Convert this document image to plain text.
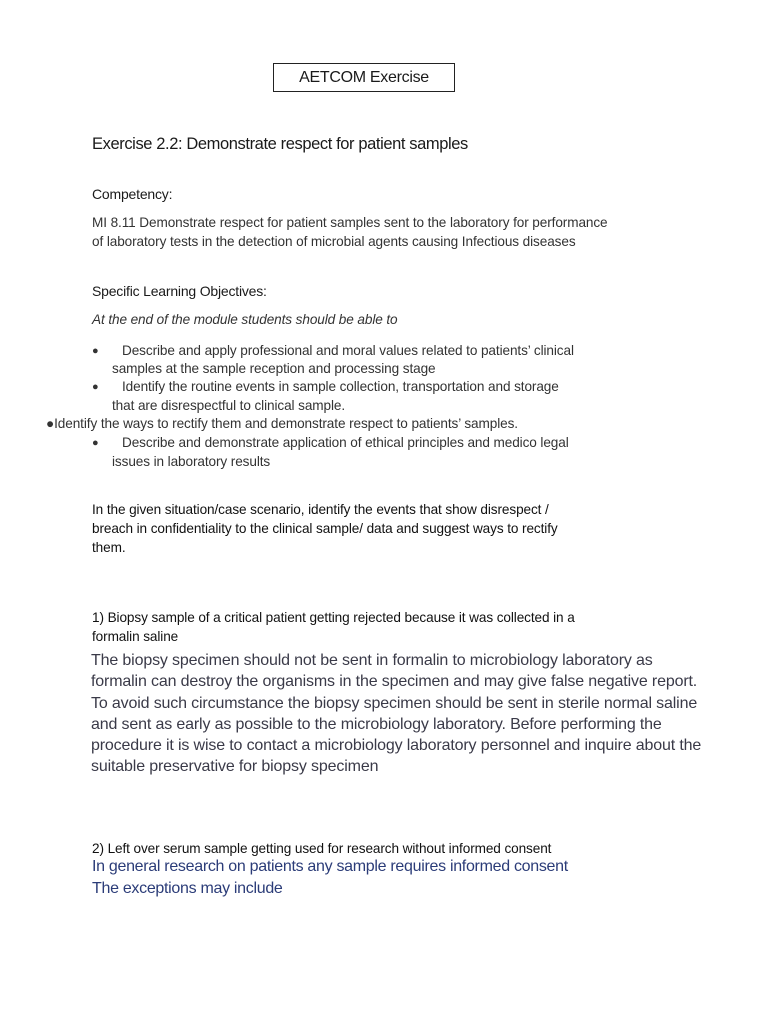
AETCOM Exercise
Exercise 2.2: Demonstrate respect for patient samples
Competency:
MI 8.11 Demonstrate respect for patient samples sent to the laboratory for performance
of laboratory tests in the detection of microbial agents causing Infectious diseases
Specific Learning Objectives:
At the end of the module students should be able to
● Describe and apply professional and moral values related to patients’ clinical
samples at the sample reception and processing stage
● Identify the routine events in sample collection, transportation and storage
that are disrespectful to clinical sample.
●Identify the ways to rectify them and demonstrate respect to patients’ samples.
● Describe and demonstrate application of ethical principles and medico legal
issues in laboratory results
In the given situation/case scenario, identify the events that show disrespect /
breach in confidentiality to the clinical sample/ data and suggest ways to rectify
them.
1) Biopsy sample of a critical patient getting rejected because it was collected in a
formalin saline
The biopsy specimen should not be sent in formalin to microbiology laboratory as
formalin can destroy the organisms in the specimen and may give false negative report.
To avoid such circumstance the biopsy specimen should be sent in sterile normal saline
and sent as early as possible to the microbiology laboratory. Before performing the
procedure it is wise to contact a microbiology laboratory personnel and inquire about the
suitable preservative for biopsy specimen
2) Left over serum sample getting used for research without informed consent
In general research on patients any sample requires informed consent
The exceptions may include
